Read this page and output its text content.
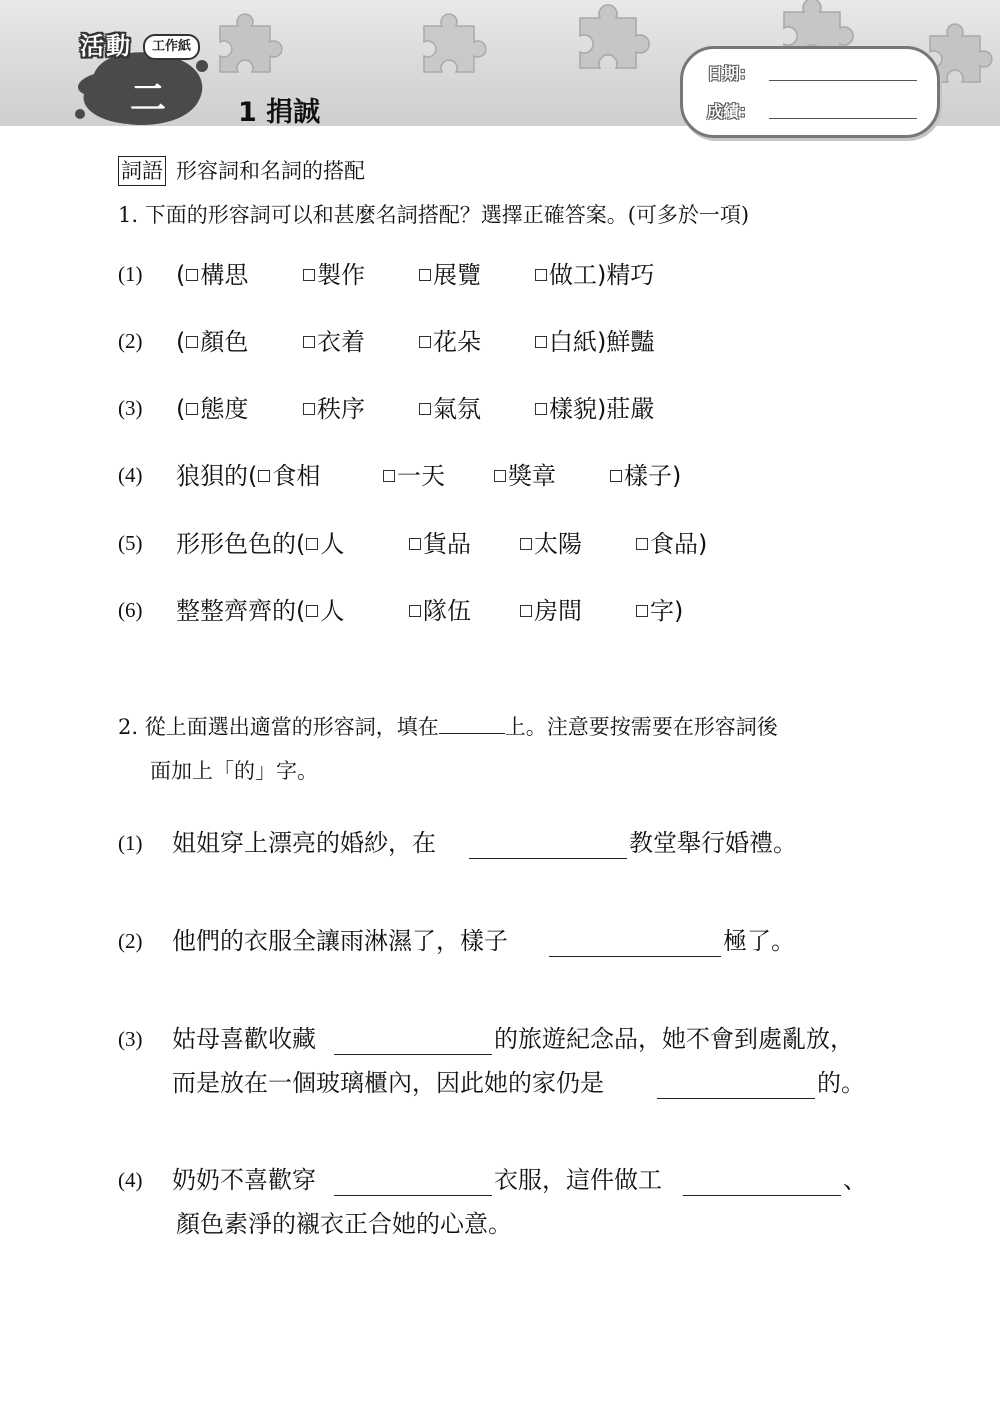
活動	工作紙
二	1 捐誠
日期：
成績：
詞語 形容詞和名詞的搭配
1. 下面的形容詞可以和甚麼名詞搭配？選擇正確答案。(可多於一項)
(1) ( 構思	製作	展覽	做工)精巧
(2) ( 顏色	衣着	花朵	白紙)鮮豔
(3) ( 態度	秩序	氣氛	樣貌)莊嚴
(4) 狼狽的( 食相	一天	獎章	樣子)
(5) 形形色色的( 人	貨品	太陽	食品)
(6) 整整齊齊的( 人	隊伍	房間	字)
2. 從上面選出適當的形容詞，填在	上。注意要按需要在形容詞後
面加上「的」字。
(1) 姐姐穿上漂亮的婚紗，在	教堂舉行婚禮。
(2) 他們的衣服全讓雨淋濕了，樣子	極了。
(3) 姑母喜歡收藏	的旅遊紀念品，她不會到處亂放，
而是放在一個玻璃櫃內，因此她的家仍是	的。
(4) 奶奶不喜歡穿	衣服，這件做工	、
顏色素淨的襯衣正合她的心意。
